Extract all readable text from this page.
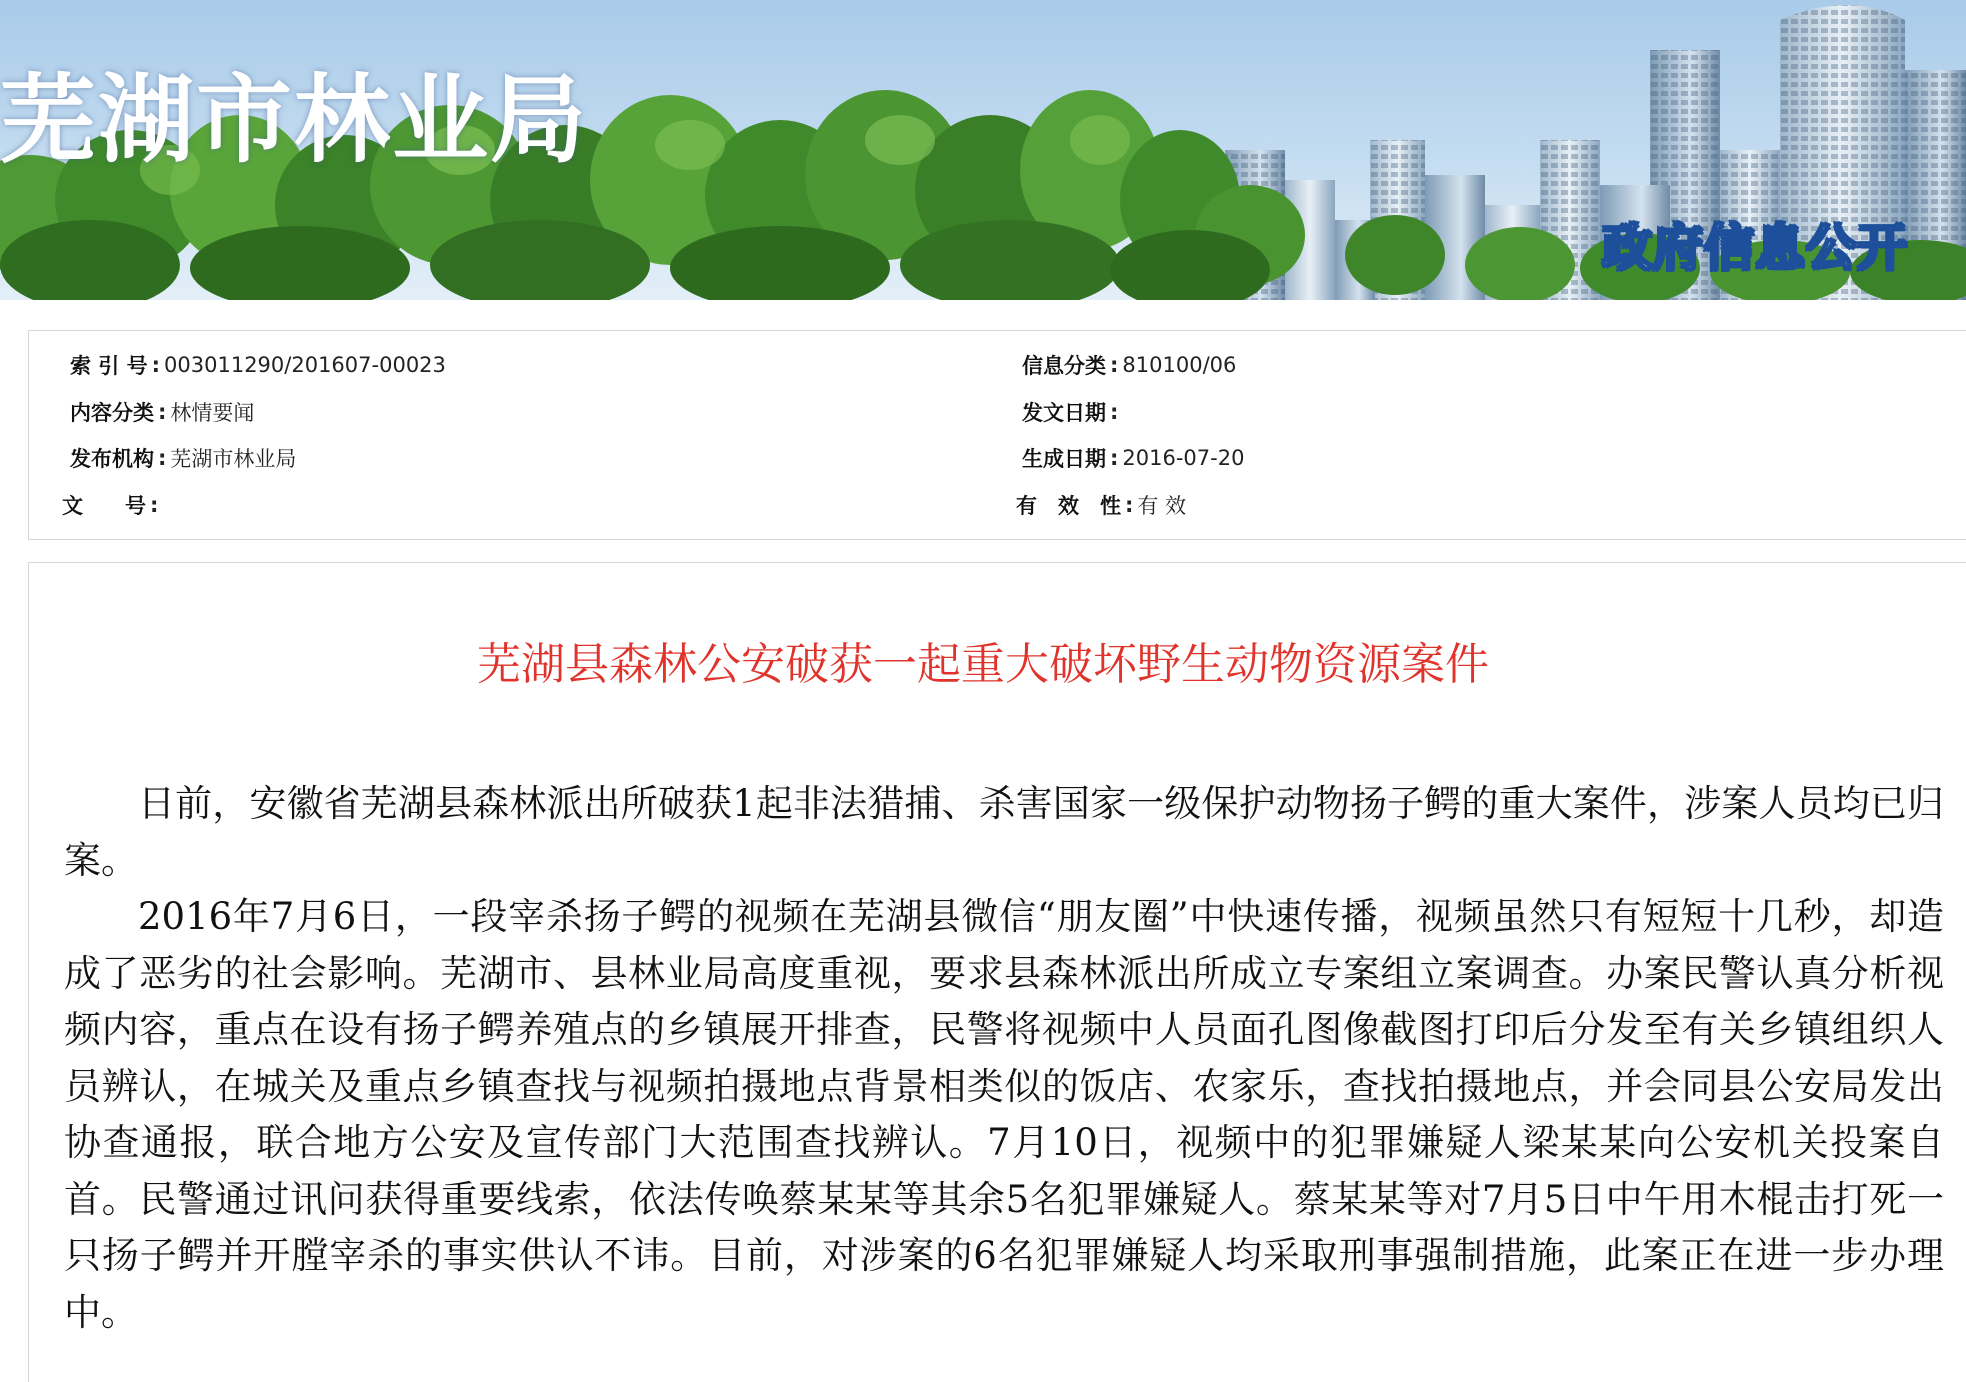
芜湖市林业局
政府信息公开
索 引 号 : 003011290/201607-00023	信息分类 : 810100/06
内容分类 : 林情要闻	发文日期 :
发布机构 : 芜湖市林业局	生成日期 : 2016-07-20
文　　号 :	有　效　性 : 有 效
芜湖县森林公安破获一起重大破坏野生动物资源案件

日前，安徽省芜湖县森林派出所破获1起非法猎捕、杀害国家一级保护动物扬子鳄的重大案件，涉案人员均已归案。

2016年7月6日，一段宰杀扬子鳄的视频在芜湖县微信“朋友圈”中快速传播，视频虽然只有短短十几秒，却造成了恶劣的社会影响。芜湖市、县林业局高度重视，要求县森林派出所成立专案组立案调查。办案民警认真分析视频内容，重点在设有扬子鳄养殖点的乡镇展开排查，民警将视频中人员面孔图像截图打印后分发至有关乡镇组织人员辨认，在城关及重点乡镇查找与视频拍摄地点背景相类似的饭店、农家乐，查找拍摄地点，并会同县公安局发出协查通报，联合地方公安及宣传部门大范围查找辨认。7月10日，视频中的犯罪嫌疑人梁某某向公安机关投案自首。民警通过讯问获得重要线索，依法传唤蔡某某等其余5名犯罪嫌疑人。蔡某某等对7月5日中午用木棍击打死一只扬子鳄并开膛宰杀的事实供认不讳。目前，对涉案的6名犯罪嫌疑人均采取刑事强制措施，此案正在进一步办理中。
